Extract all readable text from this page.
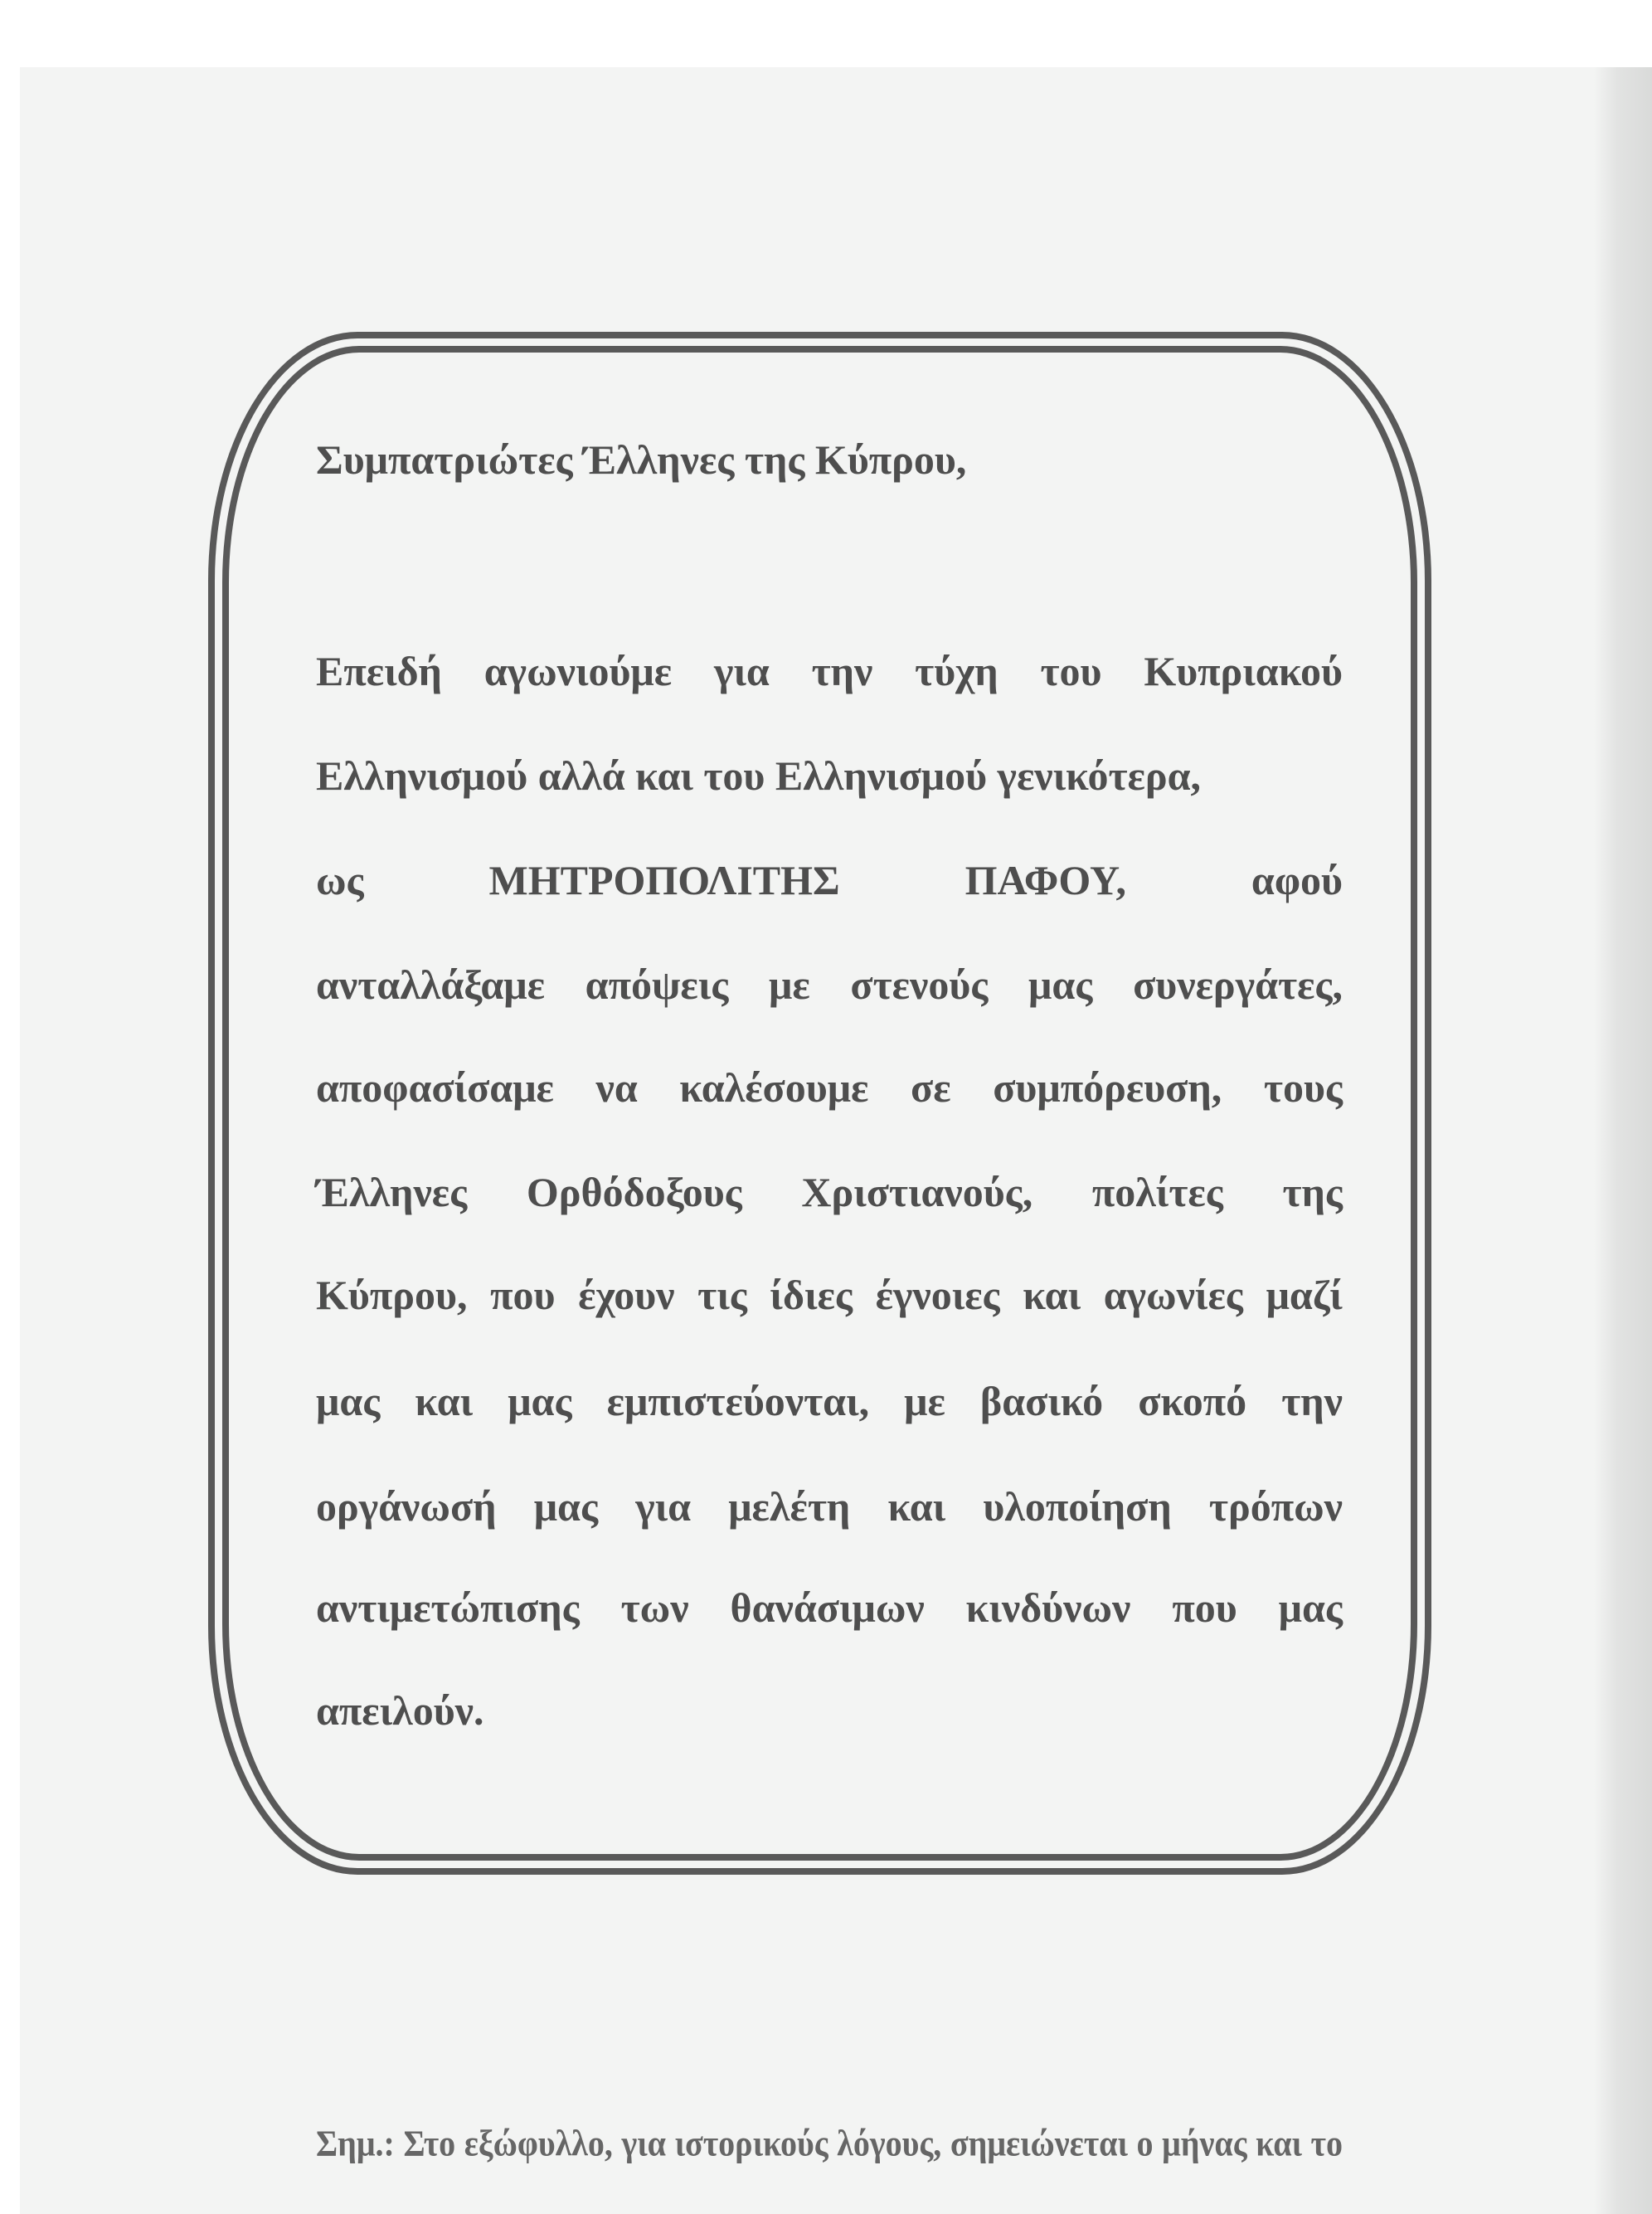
Συμπατριώτες Έλληνες της Κύπρου,
Επειδή αγωνιούμε για την τύχη του Κυπριακού
Ελληνισμού αλλά και του Ελληνισμού γενικότερα,
ως ΜΗΤΡΟΠΟΛΙΤΗΣ ΠΑΦΟΥ, αφού
ανταλλάξαμε απόψεις με στενούς μας συνεργάτες,
αποφασίσαμε να καλέσουμε σε συμπόρευση, τους
Έλληνες Ορθόδοξους Χριστιανούς, πολίτες της
Κύπρου, που έχουν τις ίδιες έγνοιες και αγωνίες μαζί
μας και μας εμπιστεύονται, με βασικό σκοπό την
οργάνωσή μας για μελέτη και υλοποίηση τρόπων
αντιμετώπισης των θανάσιμων κινδύνων που μας
απειλούν.
Σημ.: Στο εξώφυλλο, για ιστορικούς λόγους, σημειώνεται ο μήνας και το
